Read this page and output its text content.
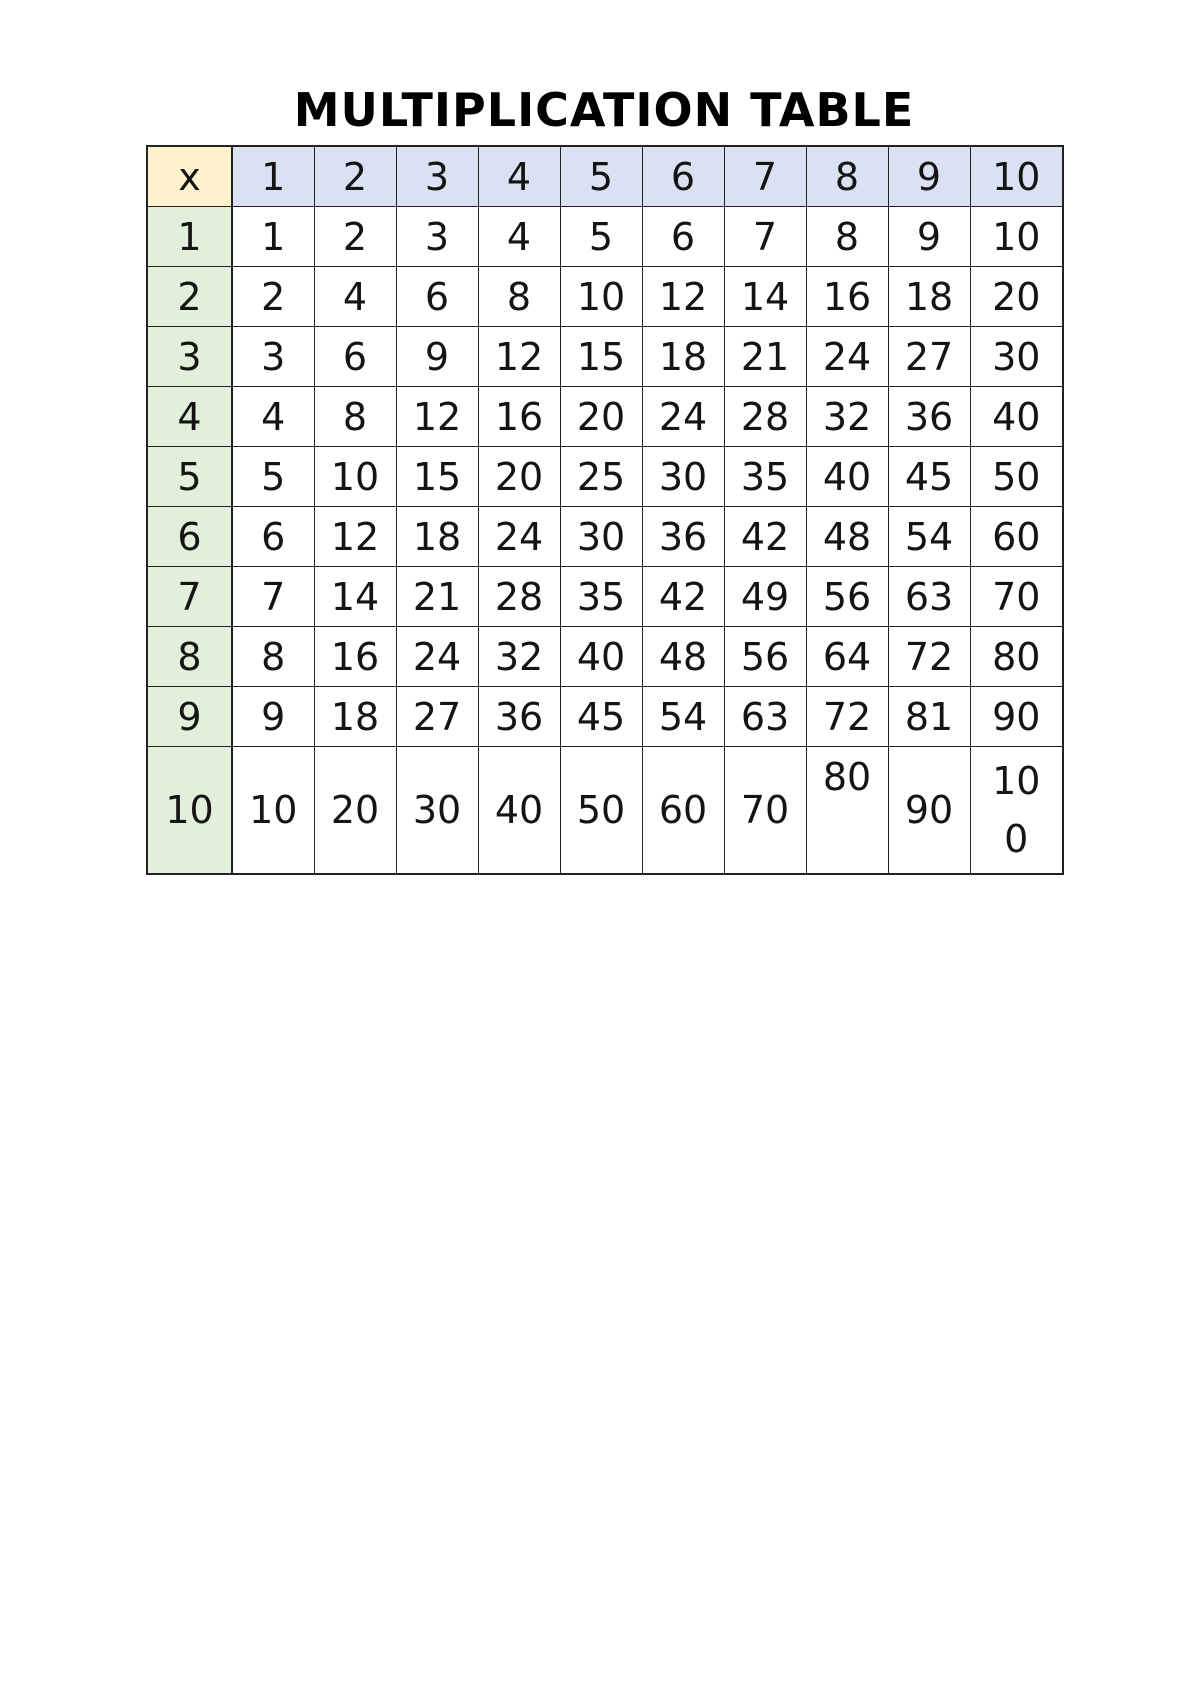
MULTIPLICATION TABLE
x	1	2	3	4	5	6	7	8	9	10
1	1	2	3	4	5	6	7	8	9	10
2	2	4	6	8	10	12	14	16	18	20
3	3	6	9	12	15	18	21	24	27	30
4	4	8	12	16	20	24	28	32	36	40
5	5	10	15	20	25	30	35	40	45	50
6	6	12	18	24	30	36	42	48	54	60
7	7	14	21	28	35	42	49	56	63	70
8	8	16	24	32	40	48	56	64	72	80
9	9	18	27	36	45	54	63	72	81	90
10	10	20	30	40	50	60	70	80	90	100
